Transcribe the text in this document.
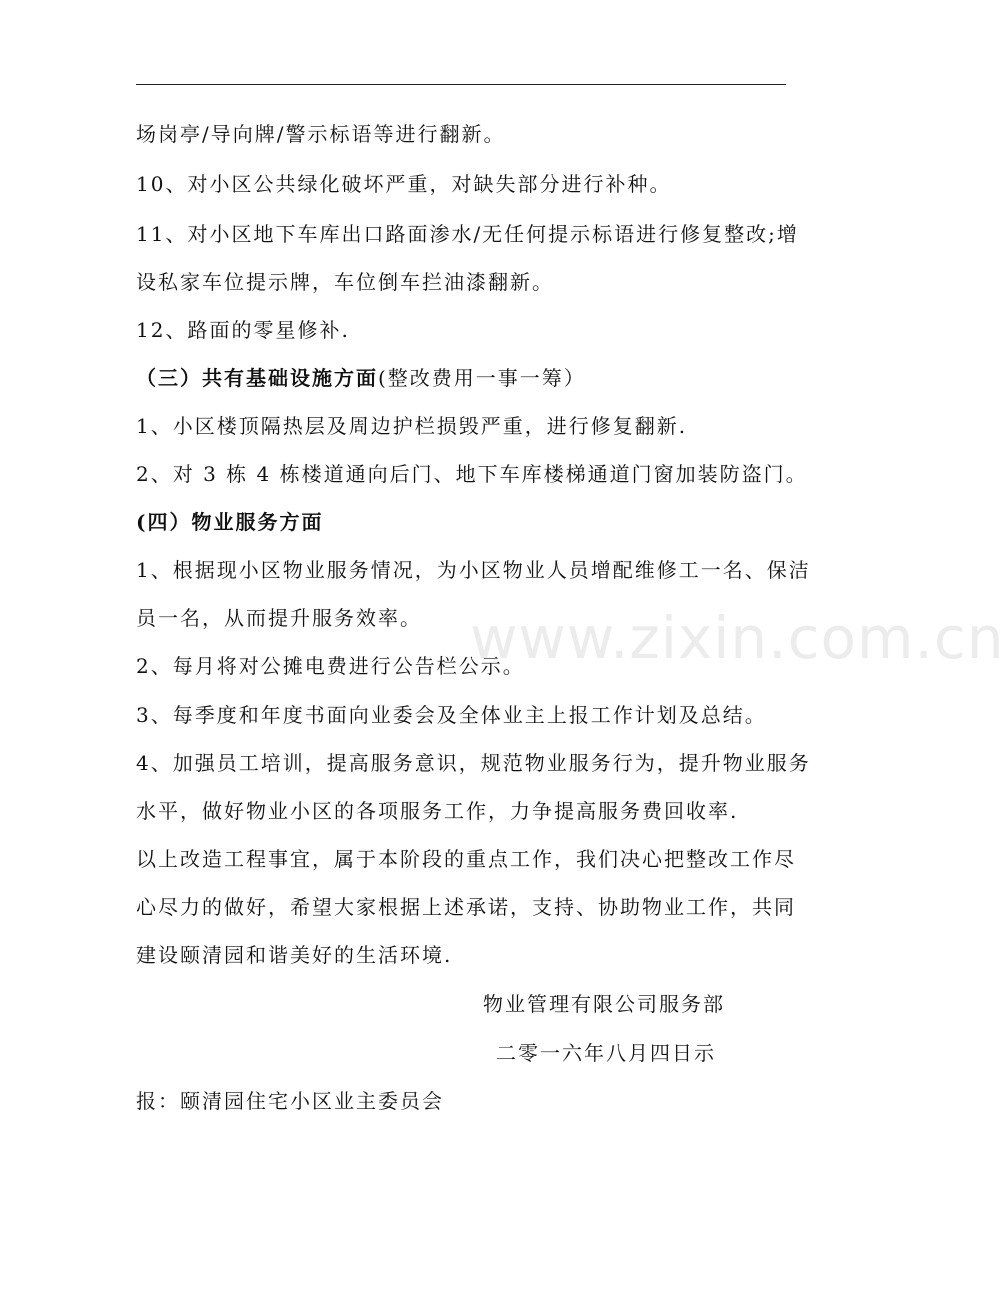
www.zixin.com.cn
场岗亭/导向牌/警示标语等进行翻新。
10、对小区公共绿化破坏严重，对缺失部分进行补种。
11、对小区地下车库出口路面渗水/无任何提示标语进行修复整改;增
设私家车位提示牌，车位倒车拦油漆翻新。
12、路面的零星修补.
（三）共有基础设施方面(整改费用一事一筹）
1、小区楼顶隔热层及周边护栏损毁严重，进行修复翻新.
2、对 3 栋 4 栋楼道通向后门、地下车库楼梯通道门窗加装防盗门。
(四）物业服务方面
1、根据现小区物业服务情况，为小区物业人员增配维修工一名、保洁
员一名，从而提升服务效率。
2、每月将对公摊电费进行公告栏公示。
3、每季度和年度书面向业委会及全体业主上报工作计划及总结。
4、加强员工培训，提高服务意识，规范物业服务行为，提升物业服务
水平，做好物业小区的各项服务工作，力争提高服务费回收率.
以上改造工程事宜，属于本阶段的重点工作，我们决心把整改工作尽
心尽力的做好，希望大家根据上述承诺，支持、协助物业工作，共同
建设颐清园和谐美好的生活环境.
物业管理有限公司服务部
二零一六年八月四日示
报：颐清园住宅小区业主委员会
